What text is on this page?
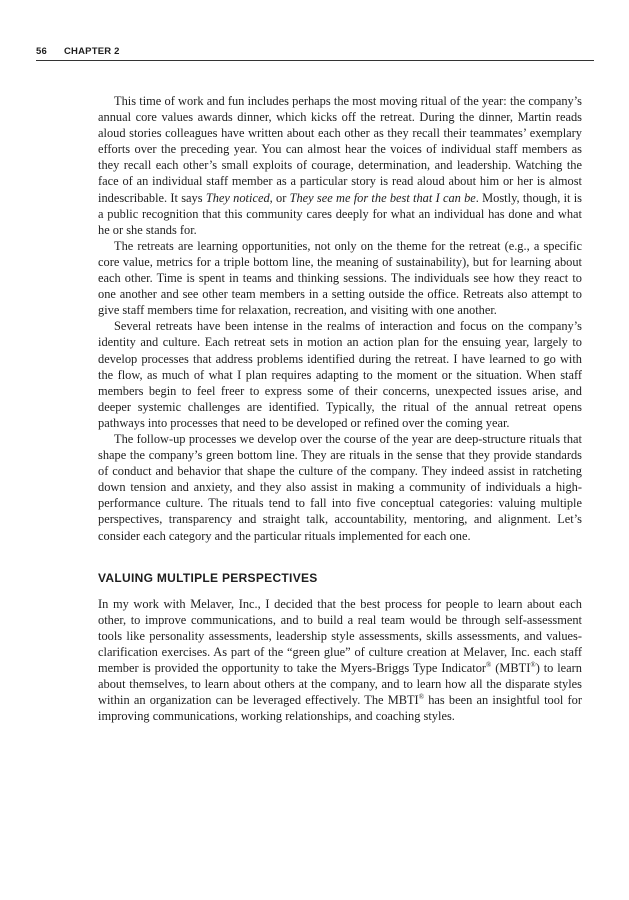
56 CHAPTER 2

This time of work and fun includes perhaps the most moving ritual of the year: the company’s annual core values awards dinner, which kicks off the retreat. During the dinner, Martin reads aloud stories colleagues have written about each other as they recall their teammates’ exemplary efforts over the preceding year. You can almost hear the voices of individual staff members as they recall each other’s small exploits of courage, determination, and leadership. Watching the face of an individual staff member as a particular story is read aloud about him or her is almost indescribable. It says They noticed, or They see me for the best that I can be. Mostly, though, it is a public recognition that this community cares deeply for what an individual has done and what he or she stands for.

The retreats are learning opportunities, not only on the theme for the retreat (e.g., a specific core value, metrics for a triple bottom line, the meaning of sustainability), but for learning about each other. Time is spent in teams and thinking sessions. The individuals see how they react to one another and see other team members in a setting outside the office. Retreats also attempt to give staff members time for relaxation, recreation, and visiting with one another.

Several retreats have been intense in the realms of interaction and focus on the company’s identity and culture. Each retreat sets in motion an action plan for the ensuing year, largely to develop processes that address problems identified during the retreat. I have learned to go with the flow, as much of what I plan requires adapting to the moment or the situation. When staff members begin to feel freer to express some of their concerns, unexpected issues arise, and deeper systemic challenges are identified. Typically, the ritual of the annual retreat opens pathways into processes that need to be developed or refined over the coming year.

The follow-up processes we develop over the course of the year are deep-structure rituals that shape the company’s green bottom line. They are rituals in the sense that they provide standards of conduct and behavior that shape the culture of the company. They indeed assist in ratcheting down tension and anxiety, and they also assist in making a community of individuals a high-performance culture. The rituals tend to fall into five conceptual categories: valuing multiple perspectives, transparency and straight talk, accountability, mentoring, and alignment. Let’s consider each category and the particular rituals implemented for each one.

VALUING MULTIPLE PERSPECTIVES

In my work with Melaver, Inc., I decided that the best process for people to learn about each other, to improve communications, and to build a real team would be through self-assessment tools like personality assessments, leadership style assessments, skills assessments, and values-clarification exercises. As part of the “green glue” of culture creation at Melaver, Inc. each staff member is provided the opportunity to take the Myers-Briggs Type Indicator® (MBTI®) to learn about themselves, to learn about others at the company, and to learn how all the disparate styles within an organization can be leveraged effectively. The MBTI® has been an insightful tool for improving communications, working relationships, and coaching styles.
